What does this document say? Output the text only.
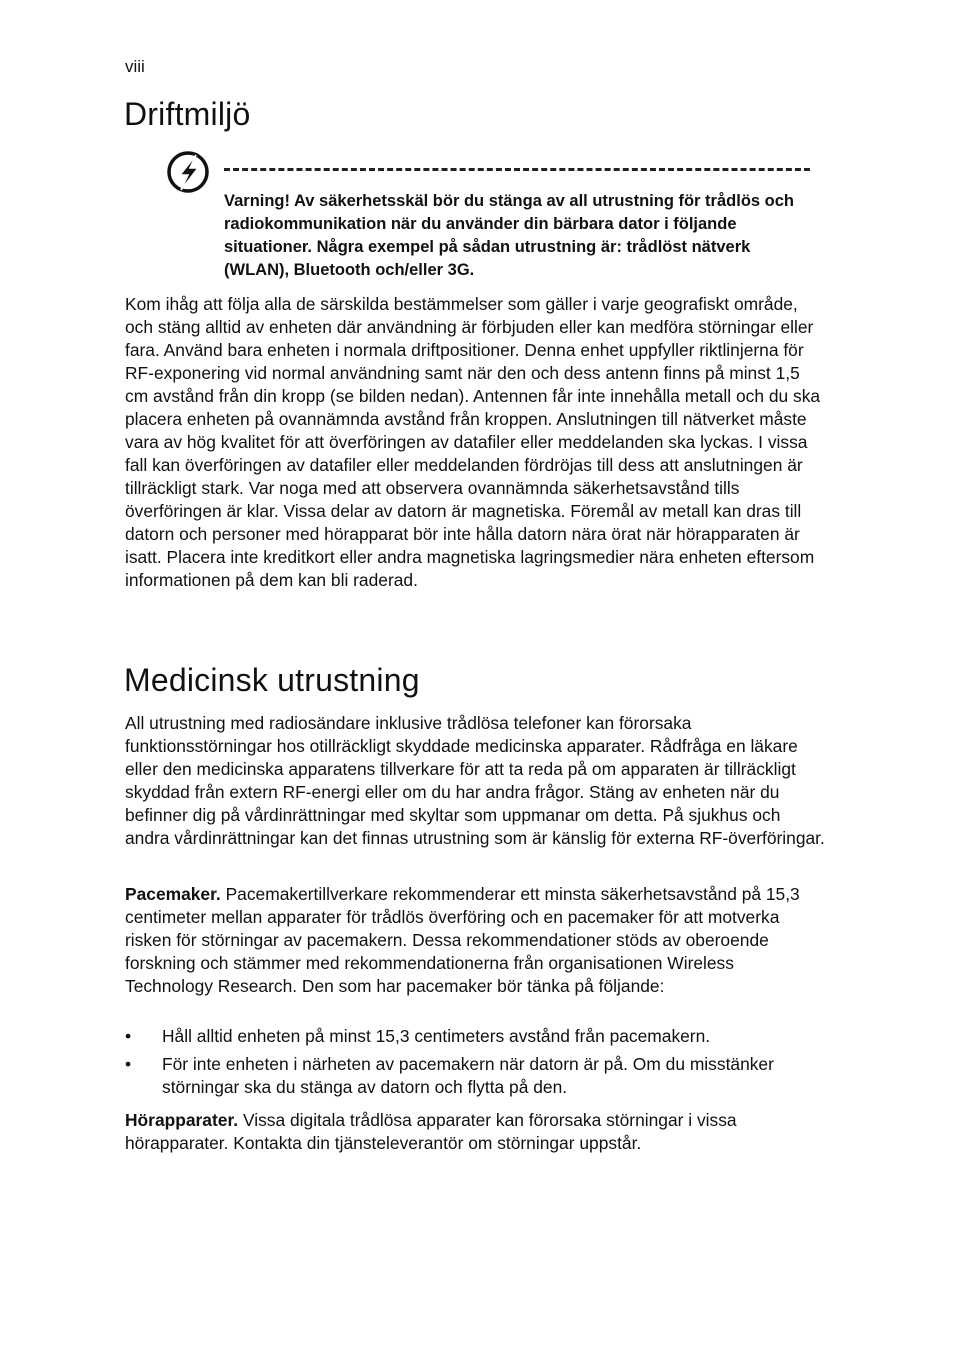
viii
Driftmiljö

Varning! Av säkerhetsskäl bör du stänga av all utrustning för trådlös och radiokommunikation när du använder din bärbara dator i följande situationer. Några exempel på sådan utrustning är: trådlöst nätverk (WLAN), Bluetooth och/eller 3G.

Kom ihåg att följa alla de särskilda bestämmelser som gäller i varje geografiskt område, och stäng alltid av enheten där användning är förbjuden eller kan medföra störningar eller fara. Använd bara enheten i normala driftpositioner. Denna enhet uppfyller riktlinjerna för RF-exponering vid normal användning samt när den och dess antenn finns på minst 1,5 cm avstånd från din kropp (se bilden nedan). Antennen får inte innehålla metall och du ska placera enheten på ovannämnda avstånd från kroppen. Anslutningen till nätverket måste vara av hög kvalitet för att överföringen av datafiler eller meddelanden ska lyckas. I vissa fall kan överföringen av datafiler eller meddelanden fördröjas till dess att anslutningen är tillräckligt stark. Var noga med att observera ovannämnda säkerhetsavstånd tills överföringen är klar. Vissa delar av datorn är magnetiska. Föremål av metall kan dras till datorn och personer med hörapparat bör inte hålla datorn nära örat när hörapparaten är isatt. Placera inte kreditkort eller andra magnetiska lagringsmedier nära enheten eftersom informationen på dem kan bli raderad.

Medicinsk utrustning

All utrustning med radiosändare inklusive trådlösa telefoner kan förorsaka funktionsstörningar hos otillräckligt skyddade medicinska apparater. Rådfråga en läkare eller den medicinska apparatens tillverkare för att ta reda på om apparaten är tillräckligt skyddad från extern RF-energi eller om du har andra frågor. Stäng av enheten när du befinner dig på vårdinrättningar med skyltar som uppmanar om detta. På sjukhus och andra vårdinrättningar kan det finnas utrustning som är känslig för externa RF-överföringar.

Pacemaker. Pacemakertillverkare rekommenderar ett minsta säkerhetsavstånd på 15,3 centimeter mellan apparater för trådlös överföring och en pacemaker för att motverka risken för störningar av pacemakern. Dessa rekommendationer stöds av oberoende forskning och stämmer med rekommendationerna från organisationen Wireless Technology Research. Den som har pacemaker bör tänka på följande:

• Håll alltid enheten på minst 15,3 centimeters avstånd från pacemakern.
• För inte enheten i närheten av pacemakern när datorn är på. Om du misstänker störningar ska du stänga av datorn och flytta på den.

Hörapparater. Vissa digitala trådlösa apparater kan förorsaka störningar i vissa hörapparater. Kontakta din tjänsteleverantör om störningar uppstår.
